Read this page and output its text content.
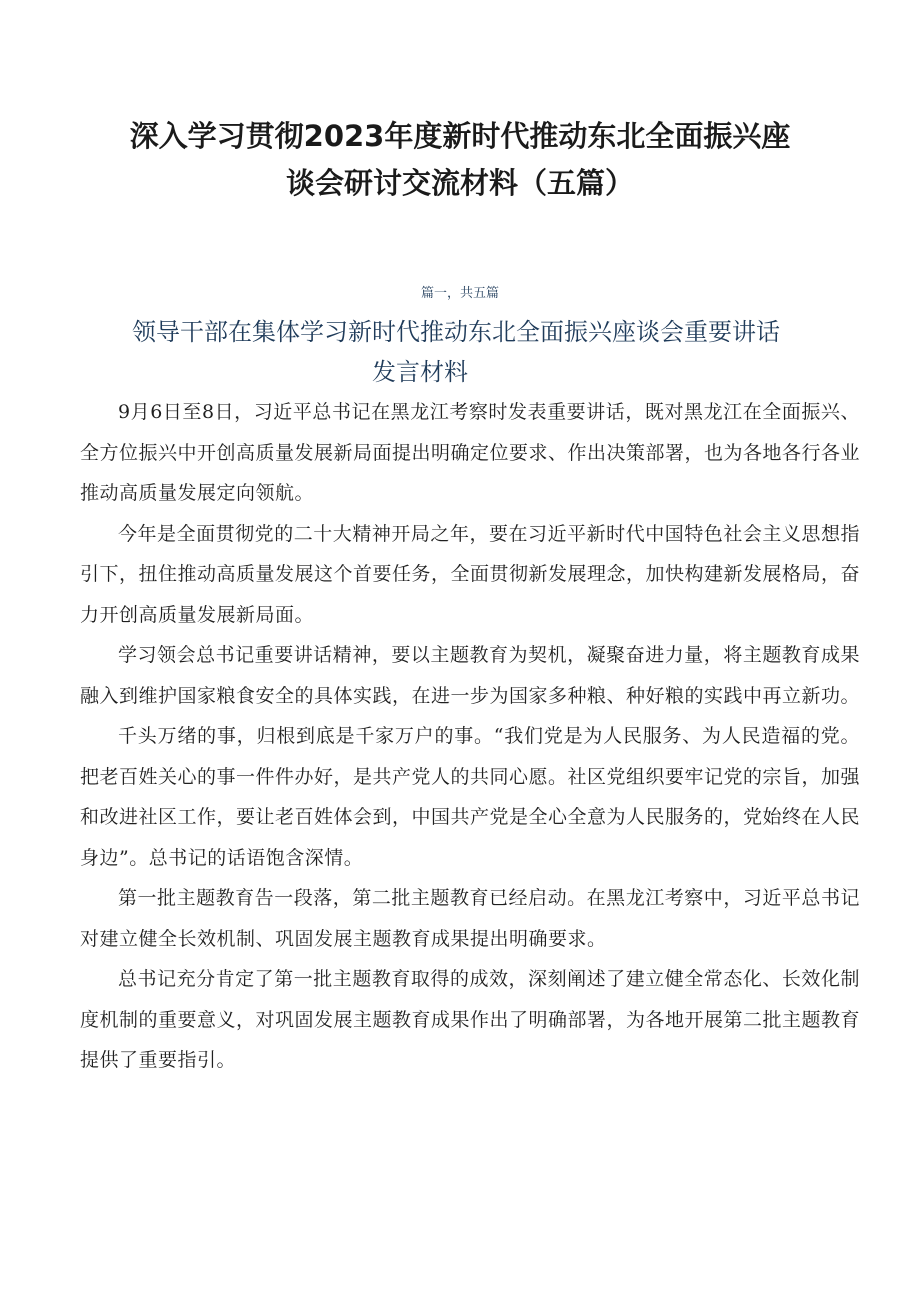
深入学习贯彻2023年度新时代推动东北全面振兴座
谈会研讨交流材料（五篇）
篇一，共五篇
领导干部在集体学习新时代推动东北全面振兴座谈会重要讲话
发言材料

9月6日至8日，习近平总书记在黑龙江考察时发表重要讲话，既对黑龙江在全面振兴、全方位振兴中开创高质量发展新局面提出明确定位要求、作出决策部署，也为各地各行各业推动高质量发展定向领航。

今年是全面贯彻党的二十大精神开局之年，要在习近平新时代中国特色社会主义思想指引下，扭住推动高质量发展这个首要任务，全面贯彻新发展理念，加快构建新发展格局，奋力开创高质量发展新局面。

学习领会总书记重要讲话精神，要以主题教育为契机，凝聚奋进力量，将主题教育成果融入到维护国家粮食安全的具体实践，在进一步为国家多种粮、种好粮的实践中再立新功。

千头万绪的事，归根到底是千家万户的事。“我们党是为人民服务、为人民造福的党。把老百姓关心的事一件件办好，是共产党人的共同心愿。社区党组织要牢记党的宗旨，加强和改进社区工作，要让老百姓体会到，中国共产党是全心全意为人民服务的，党始终在人民身边”。总书记的话语饱含深情。

第一批主题教育告一段落，第二批主题教育已经启动。在黑龙江考察中，习近平总书记对建立健全长效机制、巩固发展主题教育成果提出明确要求。

总书记充分肯定了第一批主题教育取得的成效，深刻阐述了建立健全常态化、长效化制度机制的重要意义，对巩固发展主题教育成果作出了明确部署，为各地开展第二批主题教育提供了重要指引。
